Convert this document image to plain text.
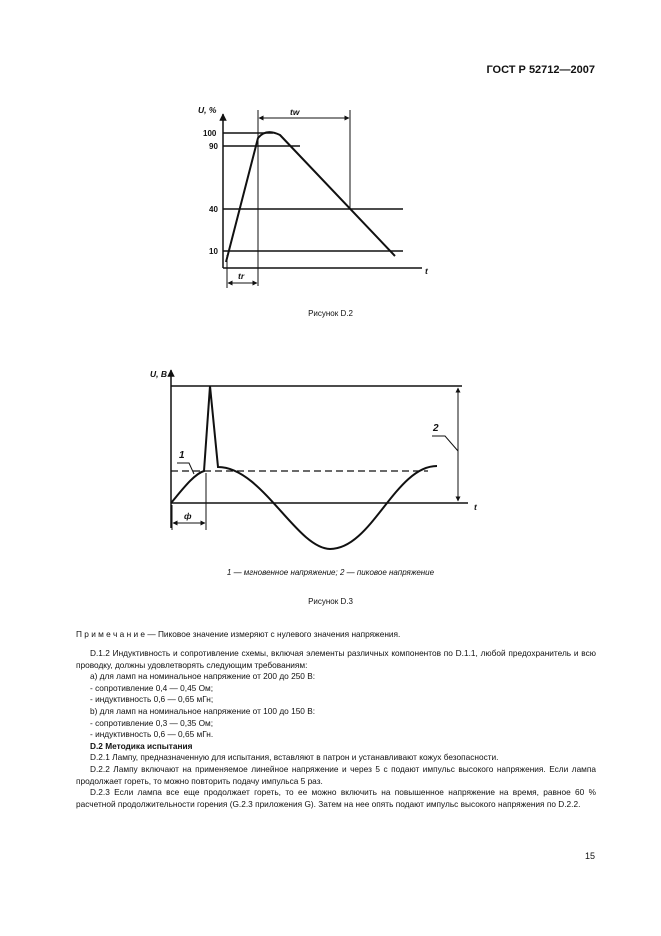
ГОСТ Р 52712—2007
U, %
100
90
40
10
t
tw
tr
Рисунок D.2
U, B
t
ф
1
2
1 — мгновенное напряжение; 2 — пиковое напряжение
Рисунок D.3
П р и м е ч а н и е — Пиковое значение измеряют с нулевого значения напряжения.

D.1.2 Индуктивность и сопротивление схемы, включая элементы различных компонентов по D.1.1, любой предохранитель и всю проводку, должны удовлетворять следующим требованиям:

а) для ламп на номинальное напряжение от 200 до 250 В:

- сопротивление 0,4 — 0,45 Ом;

- индуктивность 0,6 — 0,65 мГн;

b) для ламп на номинальное напряжение от 100 до 150 В:

- сопротивление 0,3 — 0,35 Ом;

- индуктивность 0,6 — 0,65 мГн.

D.2 Методика испытания

D.2.1 Лампу, предназначенную для испытания, вставляют в патрон и устанавливают кожух безопасности.

D.2.2 Лампу включают на применяемое линейное напряжение и через 5 с подают импульс высокого напряжения. Если лампа продолжает гореть, то можно повторить подачу импульса 5 раз.

D.2.3 Если лампа все еще продолжает гореть, то ее можно включить на повышенное напряжение на время, равное 60 % расчетной продолжительности горения (G.2.3 приложения G). Затем на нее опять подают импульс высокого напряжения по D.2.2.

15
